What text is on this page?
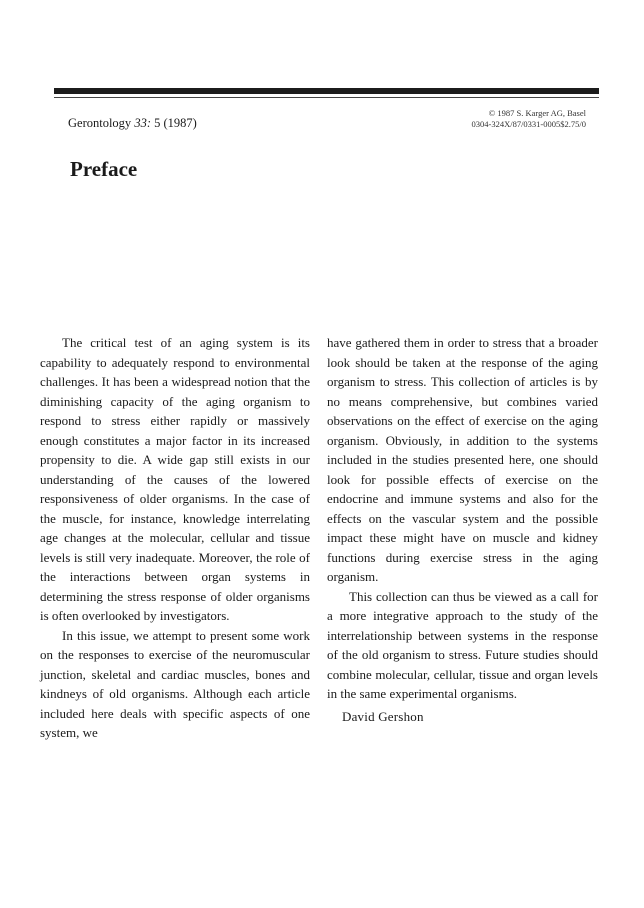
Gerontology 33: 5 (1987)
© 1987 S. Karger AG, Basel
0304-324X/87/0331-0005$2.75/0
Preface

The critical test of an aging system is its capability to adequately respond to environmental challenges. It has been a widespread notion that the diminishing capacity of the aging organism to respond to stress either rapidly or massively enough constitutes a major factor in its increased propensity to die. A wide gap still exists in our understanding of the causes of the lowered responsiveness of older organisms. In the case of the muscle, for instance, knowledge interrelating age changes at the molecular, cellular and tissue levels is still very inadequate. Moreover, the role of the interactions between organ systems in determining the stress response of older organisms is often overlooked by investigators.

In this issue, we attempt to present some work on the responses to exercise of the neuromuscular junction, skeletal and cardiac muscles, bones and kindneys of old organisms. Although each article included here deals with specific aspects of one system, we

have gathered them in order to stress that a broader look should be taken at the response of the aging organism to stress. This collection of articles is by no means comprehensive, but combines varied observations on the effect of exercise on the aging organism. Obviously, in addition to the systems included in the studies presented here, one should look for possible effects of exercise on the endocrine and immune systems and also for the effects on the vascular system and the possible impact these might have on muscle and kidney functions during exercise stress in the aging organism.

This collection can thus be viewed as a call for a more integrative approach to the study of the interrelationship between systems in the response of the old organism to stress. Future studies should combine molecular, cellular, tissue and organ levels in the same experimental organisms.

David Gershon
